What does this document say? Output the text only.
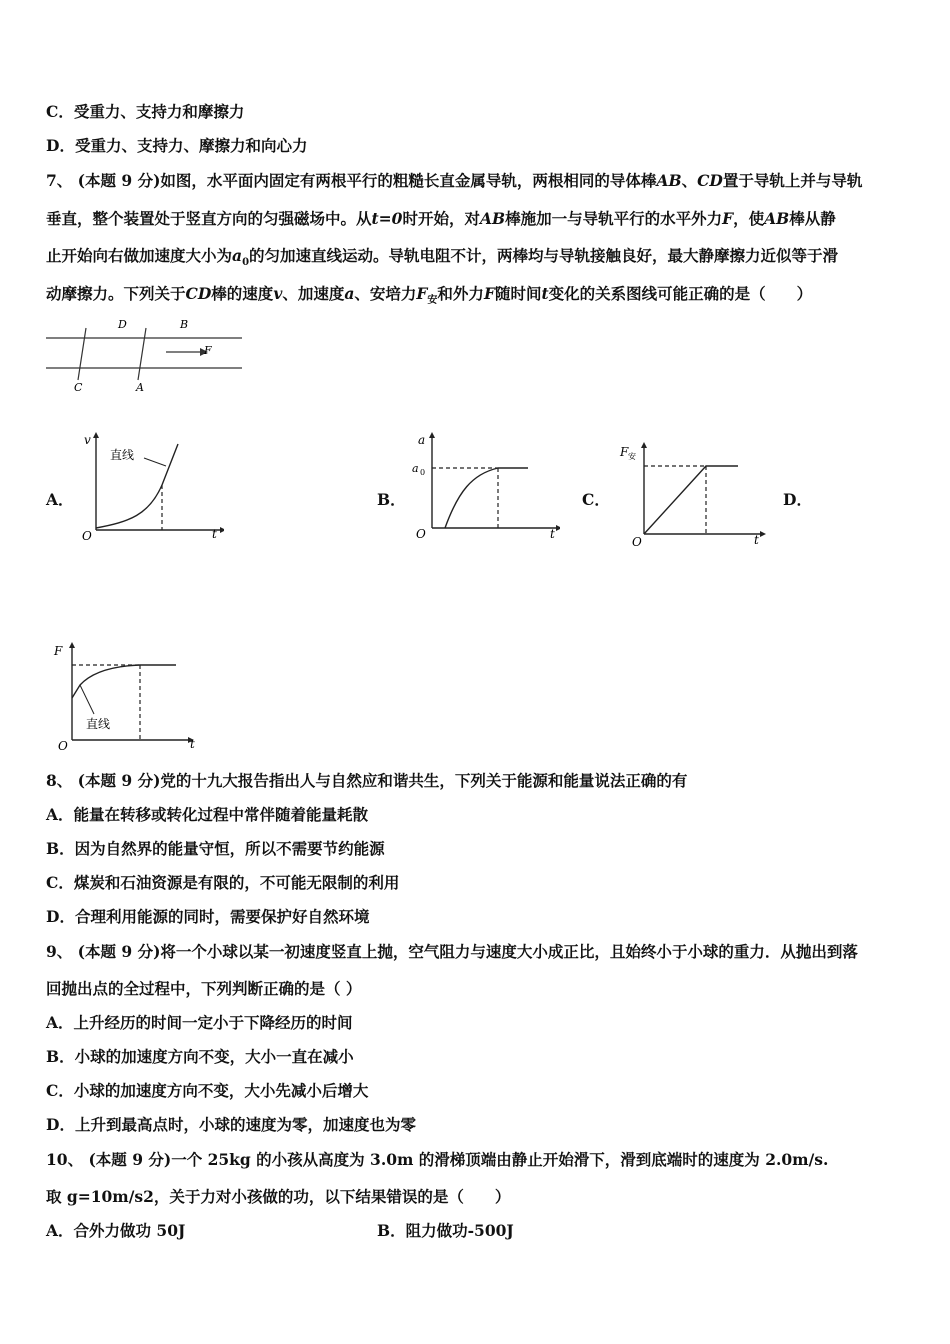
C．受重力、支持力和摩擦力
D．受重力、支持力、摩擦力和向心力
7、 (本题 9 分)如图，水平面内固定有两根平行的粗糙长直金属导轨，两根相同的导体棒AB、CD置于导轨上并与导轨
垂直，整个装置处于竖直方向的匀强磁场中。从t=0时开始，对AB棒施加一与导轨平行的水平外力F，使AB棒从静
止开始向右做加速度大小为$a_0$的匀加速直线运动。导轨电阻不计，两棒均与导轨接触良好，最大静摩擦力近似等于滑
动摩擦力。下列关于CD棒的速度v、加速度a、安培力$F_安$和外力F随时间t变化的关系图线可能正确的是（　　）
D	B
F
C	A
A．	B．	C．	D．
直线
v
t
O
a
a 0
t
O
F 安
t
O
直线
F
t
O
8、 (本题 9 分)党的十九大报告指出人与自然应和谐共生，下列关于能源和能量说法正确的有
A．能量在转移或转化过程中常伴随着能量耗散
B．因为自然界的能量守恒，所以不需要节约能源
C．煤炭和石油资源是有限的，不可能无限制的利用
D．合理利用能源的同时，需要保护好自然环境
9、 (本题 9 分)将一个小球以某一初速度竖直上抛，空气阻力与速度大小成正比，且始终小于小球的重力．从抛出到落
回抛出点的全过程中，下列判断正确的是（ ）
A．上升经历的时间一定小于下降经历的时间
B．小球的加速度方向不变，大小一直在减小
C．小球的加速度方向不变，大小先减小后增大
D．上升到最高点时，小球的速度为零，加速度也为零
10、 (本题 9 分)一个 25kg 的小孩从高度为 3.0m 的滑梯顶端由静止开始滑下，滑到底端时的速度为 2.0m/s.
取 g=10m/s2，关于力对小孩做的功，以下结果错误的是（　　）
A．合外力做功 50J	B．阻力做功-500J
